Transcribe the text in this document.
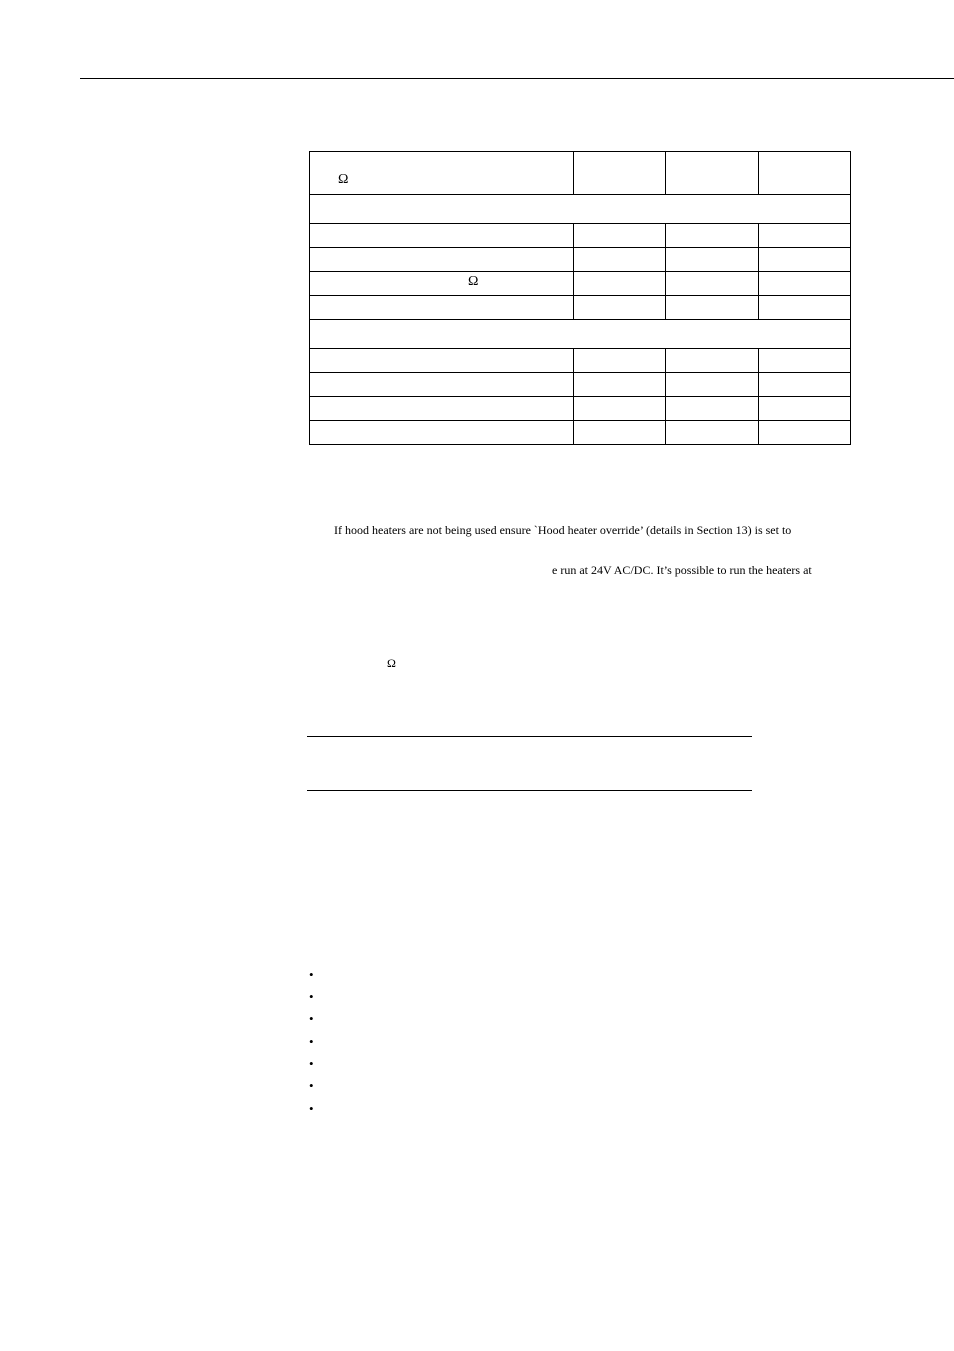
Ω			

Ω			

If hood heaters are not being used ensure `Hood heater override’ (details in Section 13) is set to
e run at 24V AC/DC. It’s possible to run the heaters at
Ω
•
•
•
•
•
•
•
